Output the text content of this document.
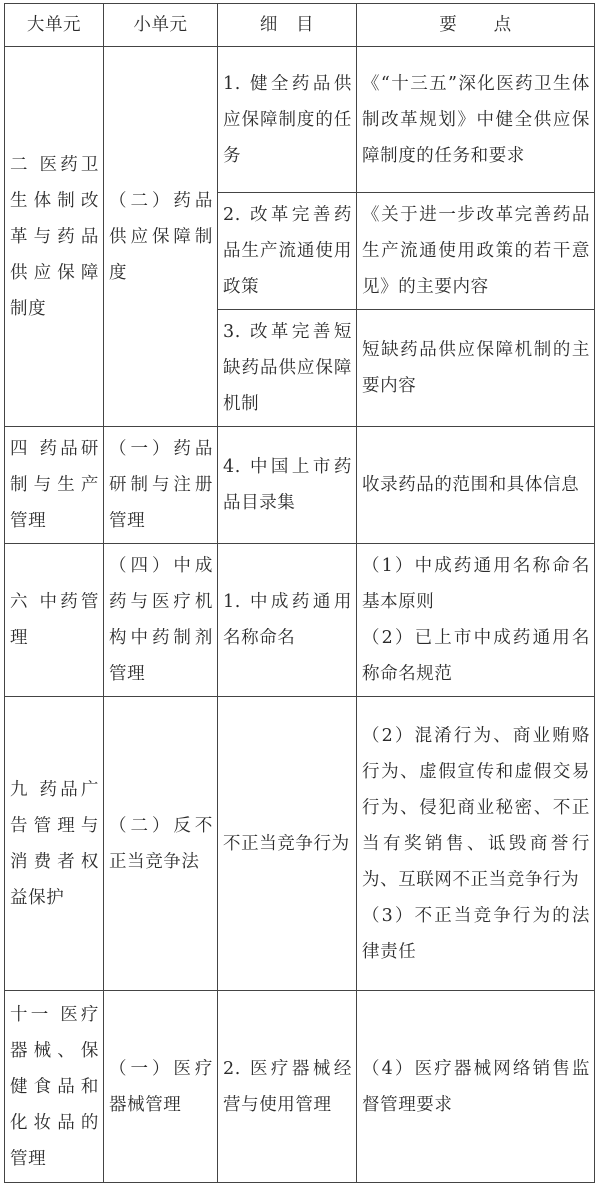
大单元	小单元	细　目	要　　点
二 医药卫生体制改革与药品供应保障制度	（二）药品供应保障制度	1. 健全药品供应保障制度的任务	《“十三五”深化医药卫生体制改革规划》中健全供应保障制度的任务和要求

		2. 改革完善药品生产流通使用政策	《关于进一步改革完善药品生产流通使用政策的若干意见》的主要内容

		3. 改革完善短缺药品供应保障机制	短缺药品供应保障机制的主要内容

四 药品研制与生产管理	（一）药品研制与注册管理	4. 中国上市药品目录集	收录药品的范围和具体信息

六 中药管理	（四）中成药与医疗机构中药制剂管理	1. 中成药通用名称命名	（1）中成药通用名称命名基本原则
（2）已上市中成药通用名称命名规范

九 药品广告管理与消费者权益保护	（二）反不正当竞争法	不正当竞争行为	（2）混淆行为、商业贿赂行为、虚假宣传和虚假交易行为、侵犯商业秘密、不正当有奖销售、诋毁商誉行为、互联网不正当竞争行为
（3）不正当竞争行为的法律责任

十一 医疗器械、保健食品和化妆品的管理	（一）医疗器械管理	2. 医疗器械经营与使用管理	（4）医疗器械网络销售监督管理要求
